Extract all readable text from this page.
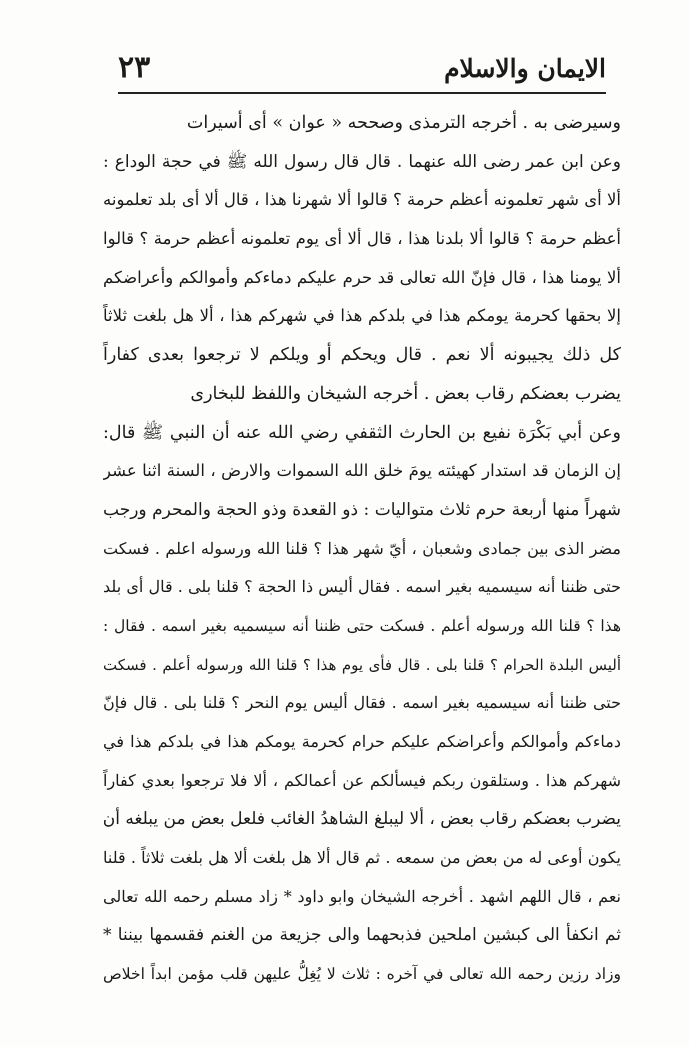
الايمان والاسلام
٢٣
وسيرضى به . أخرجه الترمذى وصححه « عوان » أى أسيرات
وعن ابن عمر رضى الله عنهما . قال قال رسول الله ﷺ في حجة الوداع :
ألا أى شهر تعلمونه أعظم حرمة ؟ قالوا ألا شهرنا هذا ، قال ألا أى بلد تعلمونه
أعظم حرمة ؟ قالوا ألا بلدنا هذا ، قال ألا أى يوم تعلمونه أعظم حرمة ؟ قالوا
ألا يومنا هذا ، قال فإنّ الله تعالى قد حرم عليكم دماءكم وأموالكم وأعراضكم
إلا بحقها كحرمة يومكم هذا في بلدكم هذا في شهركم هذا ، ألا هل بلغت ثلاثاً
كل ذلك يجيبونه ألا نعم . قال ويحكم أو ويلكم لا ترجعوا بعدى كفاراً
يضرب بعضكم رقاب بعض . أخرجه الشيخان واللفظ للبخارى
وعن أبي بَكْرَة نفيع بن الحارث الثقفي رضي الله عنه أن النبي ﷺ قال:
إن الزمان قد استدار كهيئته يومَ خلق الله السموات والارض ، السنة اثنا عشر
شهراً منها أربعة حرم ثلاث متواليات : ذو القعدة وذو الحجة والمحرم ورجب
مضر الذى بين جمادى وشعبان ، أيّ شهر هذا ؟ قلنا الله ورسوله اعلم . فسكت
حتى ظننا أنه سيسميه بغير اسمه . فقال أليس ذا الحجة ؟ قلنا بلى . قال أى بلد
هذا ؟ قلنا الله ورسوله أعلم . فسكت حتى ظننا أنه سيسميه بغير اسمه . فقال :
أليس البلدة الحرام ؟ قلنا بلى . قال فأى يوم هذا ؟ قلنا الله ورسوله أعلم . فسكت
حتى ظننا أنه سيسميه بغير اسمه . فقال أليس يوم النحر ؟ قلنا بلى . قال فإنّ
دماءكم وأموالكم وأعراضكم عليكم حرام كحرمة يومكم هذا في بلدكم هذا في
شهركم هذا . وستلقون ربكم فيسألكم عن أعمالكم ، ألا فلا ترجعوا بعدي كفاراً
يضرب بعضكم رقاب بعض ، ألا ليبلغ الشاهدُ الغائب فلعل بعض من يبلغه أن
يكون أوعى له من بعض من سمعه . ثم قال ألا هل بلغت ألا هل بلغت ثلاثاً . قلنا
نعم ، قال اللهم اشهد . أخرجه الشيخان وابو داود * زاد مسلم رحمه الله تعالى
ثم انكفأ الى كبشين املحين فذبحهما والى جزيعة من الغنم فقسمها بيننا *
وزاد رزين رحمه الله تعالى في آخره : ثلاث لا يُغِلُّ عليهن قلب مؤمن ابداً اخلاص
